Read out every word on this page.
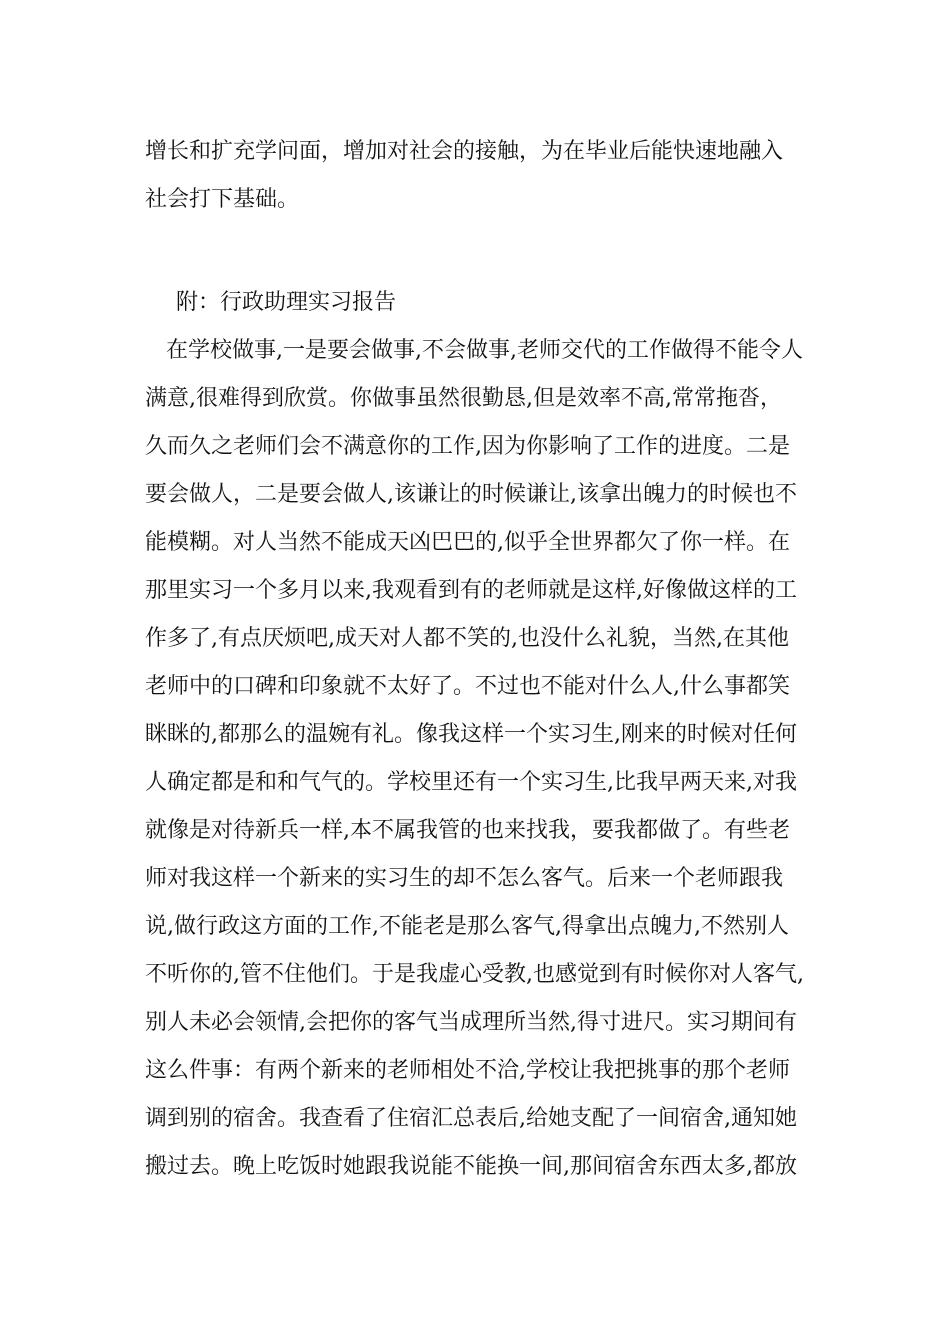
增长和扩充学问面，增加对社会的接触，为在毕业后能快速地融入
社会打下基础。
附：行政助理实习报告
在学校做事,一是要会做事,不会做事,老师交代的工作做得不能令人
满意,很难得到欣赏。你做事虽然很勤恳,但是效率不高,常常拖沓，
久而久之老师们会不满意你的工作,因为你影响了工作的进度。二是
要会做人，二是要会做人,该谦让的时候谦让,该拿出魄力的时候也不
能模糊。对人当然不能成天凶巴巴的,似乎全世界都欠了你一样。在
那里实习一个多月以来,我观看到有的老师就是这样,好像做这样的工
作多了,有点厌烦吧,成天对人都不笑的,也没什么礼貌，当然,在其他
老师中的口碑和印象就不太好了。不过也不能对什么人,什么事都笑
眯眯的,都那么的温婉有礼。像我这样一个实习生,刚来的时候对任何
人确定都是和和气气的。学校里还有一个实习生,比我早两天来,对我
就像是对待新兵一样,本不属我管的也来找我，要我都做了。有些老
师对我这样一个新来的实习生的却不怎么客气。后来一个老师跟我
说,做行政这方面的工作,不能老是那么客气,得拿出点魄力,不然别人
不听你的,管不住他们。于是我虚心受教,也感觉到有时候你对人客气,
别人未必会领情,会把你的客气当成理所当然,得寸进尺。实习期间有
这么件事：有两个新来的老师相处不洽,学校让我把挑事的那个老师
调到别的宿舍。我查看了住宿汇总表后,给她支配了一间宿舍,通知她
搬过去。晚上吃饭时她跟我说能不能换一间,那间宿舍东西太多,都放
